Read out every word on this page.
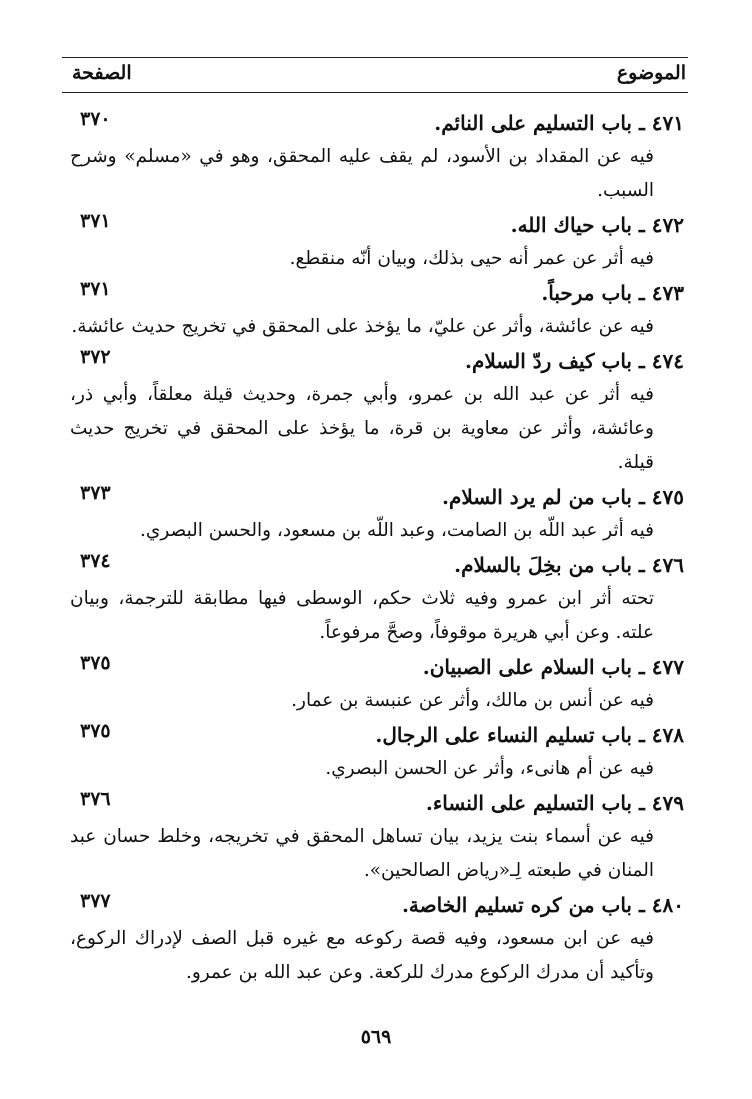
الموضوع
الصفحة
٤٧١ ـ باب التسليم على النائم.
٣٧٠
فيه عن المقداد بن الأسود، لم يقف عليه المحقق، وهو في «مسلم» وشرح السبب.
٤٧٢ ـ باب حياك الله.
٣٧١
فيه أثر عن عمر أنه حيى بذلك، وبيان أنّه منقطع.
٤٧٣ ـ باب مرحباً.
٣٧١
فيه عن عائشة، وأثر عن عليّ، ما يؤخذ على المحقق في تخريج حديث عائشة.
٤٧٤ ـ باب كيف ردّ السلام.
٣٧٢
فيه أثر عن عبد الله بن عمرو، وأبي جمرة، وحديث قيلة معلقاً، وأبي ذر، وعائشة، وأثر عن معاوية بن قرة، ما يؤخذ على المحقق في تخريج حديث قيلة.
٤٧٥ ـ باب من لم يرد السلام.
٣٧٣
فيه أثر عبد اللّه بن الصامت، وعبد اللّه بن مسعود، والحسن البصري.
٤٧٦ ـ باب من بخِلَ بالسلام.
٣٧٤
تحته أثر ابن عمرو وفيه ثلاث حكم، الوسطى فيها مطابقة للترجمة، وبيان علته. وعن أبي هريرة موقوفاً، وصحَّ مرفوعاً.
٤٧٧ ـ باب السلام على الصبيان.
٣٧٥
فيه عن أنس بن مالك، وأثر عن عنبسة بن عمار.
٤٧٨ ـ باب تسليم النساء على الرجال.
٣٧٥
فيه عن أم هانىء، وأثر عن الحسن البصري.
٤٧٩ ـ باب التسليم على النساء.
٣٧٦
فيه عن أسماء بنت يزيد، بيان تساهل المحقق في تخريجه، وخلط حسان عبد المنان في طبعته لِـ«رياض الصالحين».
٤٨٠ ـ باب من كره تسليم الخاصة.
٣٧٧
فيه عن ابن مسعود، وفيه قصة ركوعه مع غيره قبل الصف لإدراك الركوع، وتأكيد أن مدرك الركوع مدرك للركعة. وعن عبد الله بن عمرو.
٥٦٩
